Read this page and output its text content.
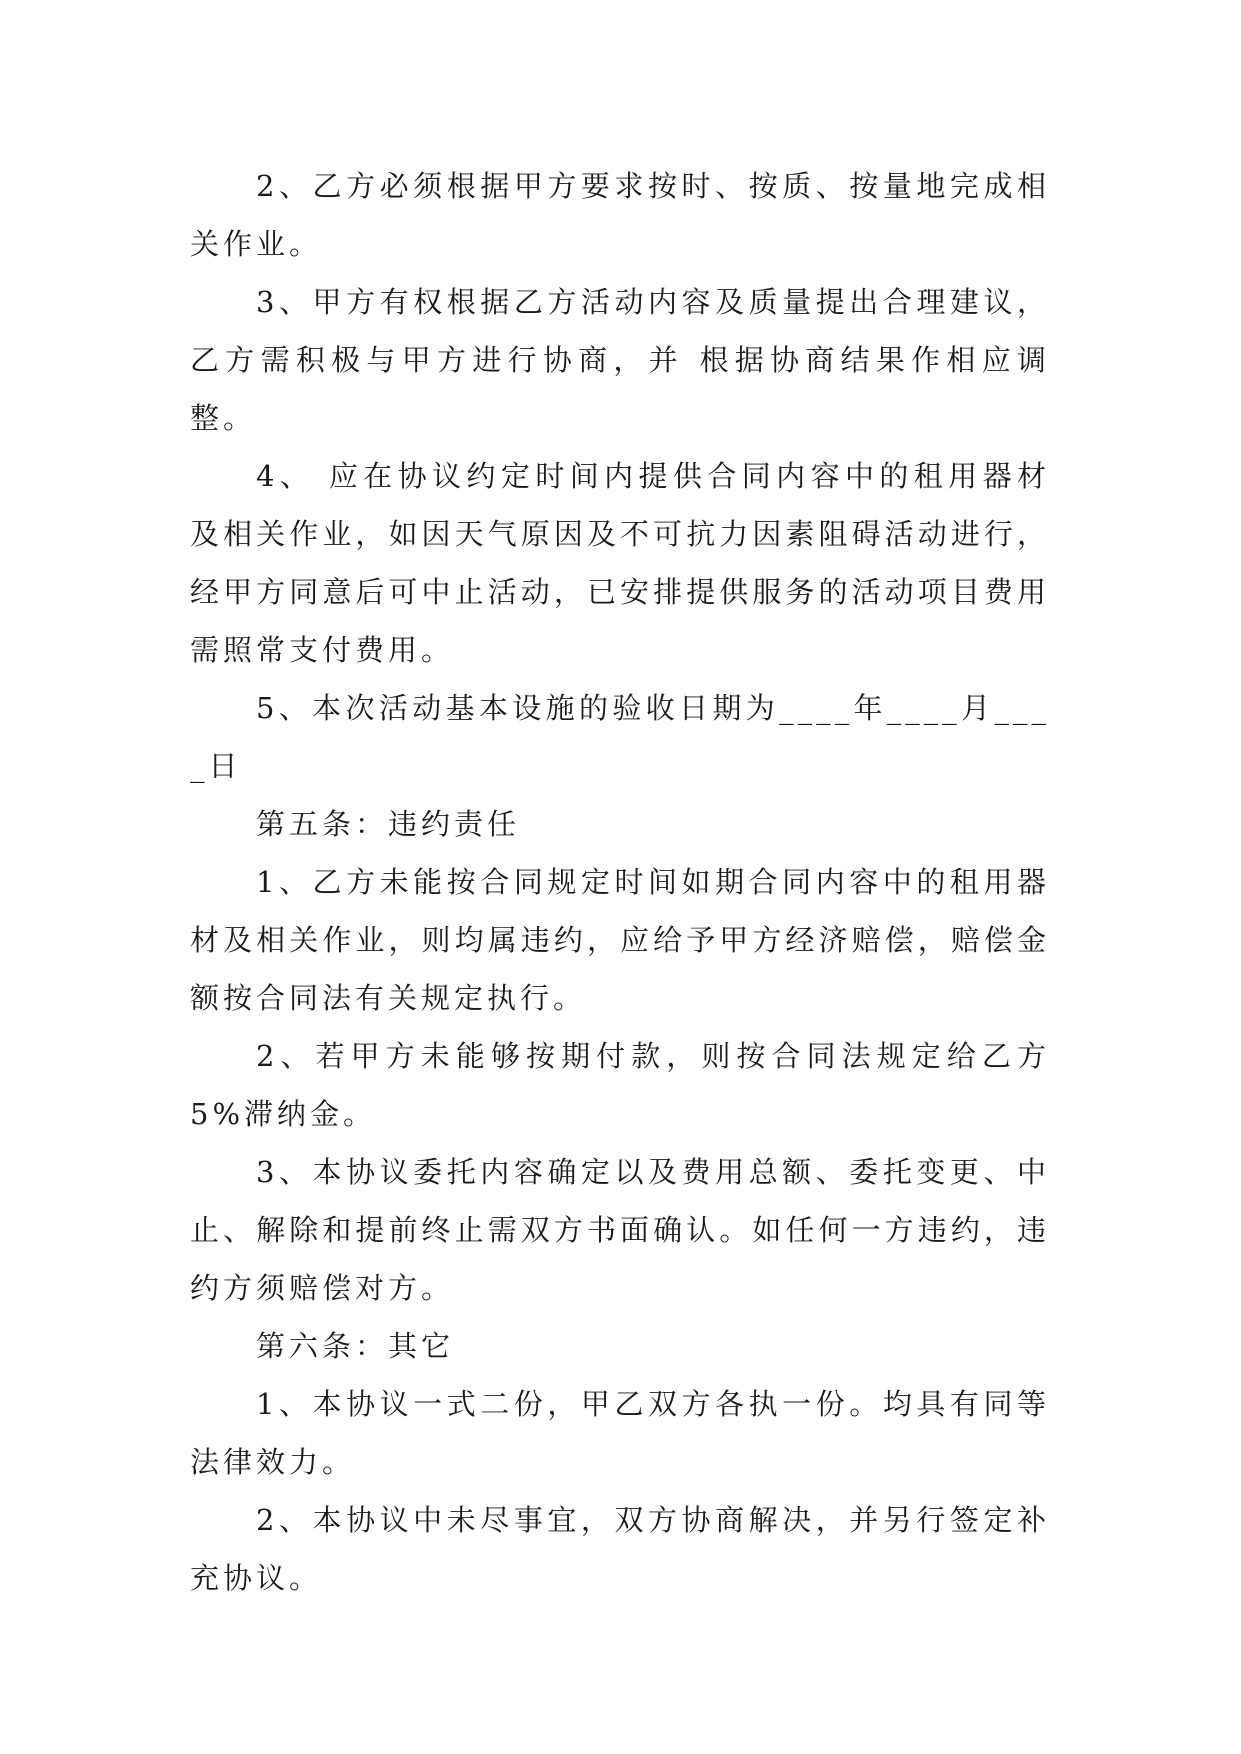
2、乙方必须根据甲方要求按时、按质、按量地完成相关作业。

3、甲方有权根据乙方活动内容及质量提出合理建议，乙方需积极与甲方进行协商，并 根据协商结果作相应调整。

4、 应在协议约定时间内提供合同内容中的租用器材及相关作业，如因天气原因及不可抗力因素阻碍活动进行，经甲方同意后可中止活动，已安排提供服务的活动项目费用需照常支付费用。

5、本次活动基本设施的验收日期为____年____月____日

第五条：违约责任

1、乙方未能按合同规定时间如期合同内容中的租用器材及相关作业，则均属违约，应给予甲方经济赔偿，赔偿金额按合同法有关规定执行。

2、若甲方未能够按期付款，则按合同法规定给乙方5%滞纳金。

3、本协议委托内容确定以及费用总额、委托变更、中止、解除和提前终止需双方书面确认。如任何一方违约，违约方须赔偿对方。

第六条：其它

1、本协议一式二份，甲乙双方各执一份。均具有同等法律效力。

2、本协议中未尽事宜，双方协商解决，并另行签定补充协议。
